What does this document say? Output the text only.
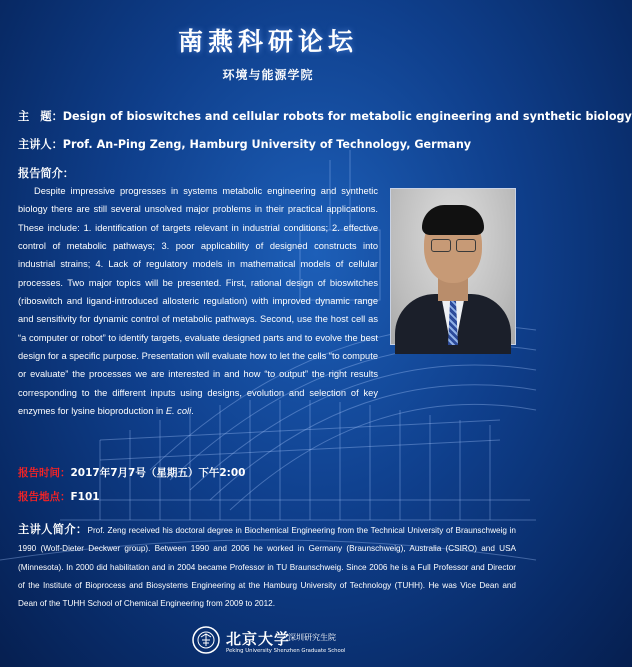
南燕科研论坛
环境与能源学院
主　题：Design of bioswitches and cellular robots for metabolic engineering and synthetic biology
主讲人：Prof. An-Ping Zeng, Hamburg University of Technology, Germany
报告简介：
Despite impressive progresses in systems metabolic engineering and synthetic biology there are still several unsolved major problems in their practical applications. These include: 1. identification of targets relevant in industrial conditions; 2. effective control of metabolic pathways; 3. poor applicability of designed constructs into industrial strains; 4. Lack of regulatory models in mathematical models of cellular processes. Two major topics will be presented. First, rational design of bioswitches (riboswitch and ligand-introduced allosteric regulation) with improved dynamic range and sensitivity for dynamic control of metabolic pathways. Second, use the host cell as “a computer or robot” to identify targets, evaluate designed parts and to evolve the best design for a specific purpose. Presentation will evaluate how to let the cells “to compute or evaluate” the processes we are interested in and how “to output” the right results corresponding to the different inputs using designs, evolution and selection of key enzymes for lysine bioproduction in E. coli.
报告时间：2017年7月7号（星期五）下午2:00
报告地点：F101
主讲人简介：Prof. Zeng received his doctoral degree in Biochemical Engineering from the Technical University of Braunschweig in 1990 (Wolf-Dieter Deckwer group). Between 1990 and 2006 he worked in Germany (Braunschweig), Australia (CSIRO) and USA (Minnesota). In 2000 did habilitation and in 2004 became Professor in TU Braunschweig. Since 2006 he is a Full Professor and Director of the Institute of Bioprocess and Biosystems Engineering at the Hamburg University of Technology (TUHH). He was Vice Dean and Dean of the TUHH School of Chemical Engineering from 2009 to 2012.
北京大学
深圳研究生院
Peking University Shenzhen Graduate School
